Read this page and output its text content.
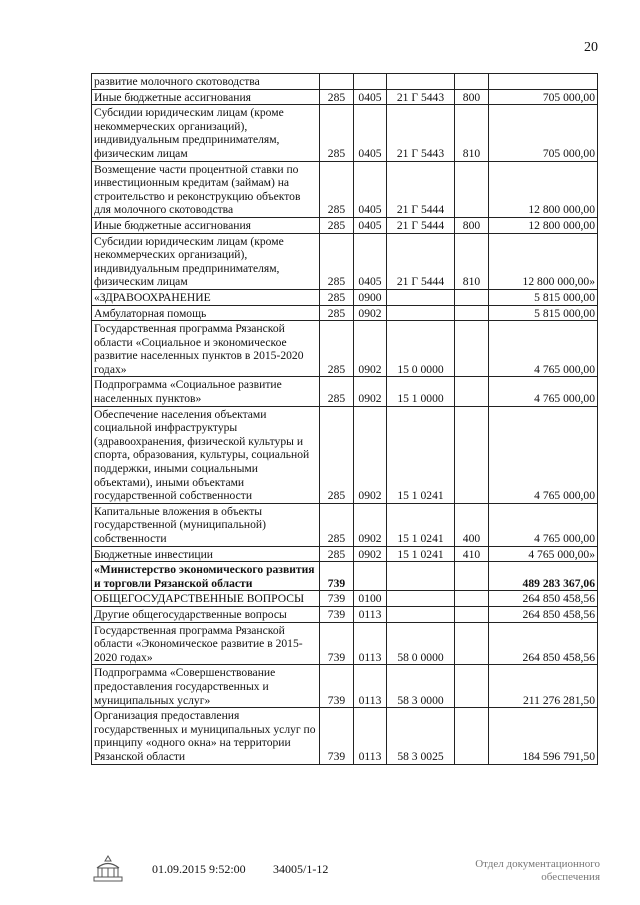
20
развитие молочного скотоводства					
Иные бюджетные ассигнования	285	0405	21 Г 5443	800	705 000,00
Субсидии юридическим лицам (кроме некоммерческих организаций), индивидуальным предпринимателям, физическим лицам	285	0405	21 Г 5443	810	705 000,00
Возмещение части процентной ставки по инвестиционным кредитам (займам) на строительство и реконструкцию объектов для молочного скотоводства	285	0405	21 Г 5444		12 800 000,00
Иные бюджетные ассигнования	285	0405	21 Г 5444	800	12 800 000,00
Субсидии юридическим лицам (кроме некоммерческих организаций), индивидуальным предпринимателям, физическим лицам	285	0405	21 Г 5444	810	12 800 000,00»
«ЗДРАВООХРАНЕНИЕ	285	0900			5 815 000,00
Амбулаторная помощь	285	0902			5 815 000,00
Государственная программа Рязанской области «Социальное и экономическое развитие населенных пунктов в 2015-2020 годах»	285	0902	15 0 0000		4 765 000,00
Подпрограмма «Социальное развитие населенных пунктов»	285	0902	15 1 0000		4 765 000,00
Обеспечение населения объектами социальной инфраструктуры (здравоохранения, физической культуры и спорта, образования, культуры, социальной поддержки, иными социальными объектами), иными объектами государственной собственности	285	0902	15 1 0241		4 765 000,00
Капитальные вложения в объекты государственной (муниципальной) собственности	285	0902	15 1 0241	400	4 765 000,00
Бюджетные инвестиции	285	0902	15 1 0241	410	4 765 000,00»
«Министерство экономического развития и торговли Рязанской области	739				489 283 367,06
ОБЩЕГОСУДАРСТВЕННЫЕ ВОПРОСЫ	739	0100			264 850 458,56
Другие общегосударственные вопросы	739	0113			264 850 458,56
Государственная программа Рязанской области «Экономическое развитие в 2015-2020 годах»	739	0113	58 0 0000		264 850 458,56
Подпрограмма «Совершенствование предоставления государственных и муниципальных услуг»	739	0113	58 3 0000		211 276 281,50
Организация предоставления государственных и муниципальных услуг по принципу «одного окна» на территории Рязанской области	739	0113	58 3 0025		184 596 791,50
01.09.2015 9:52:00 34005/1-12	Отдел документационного
обеспечения
